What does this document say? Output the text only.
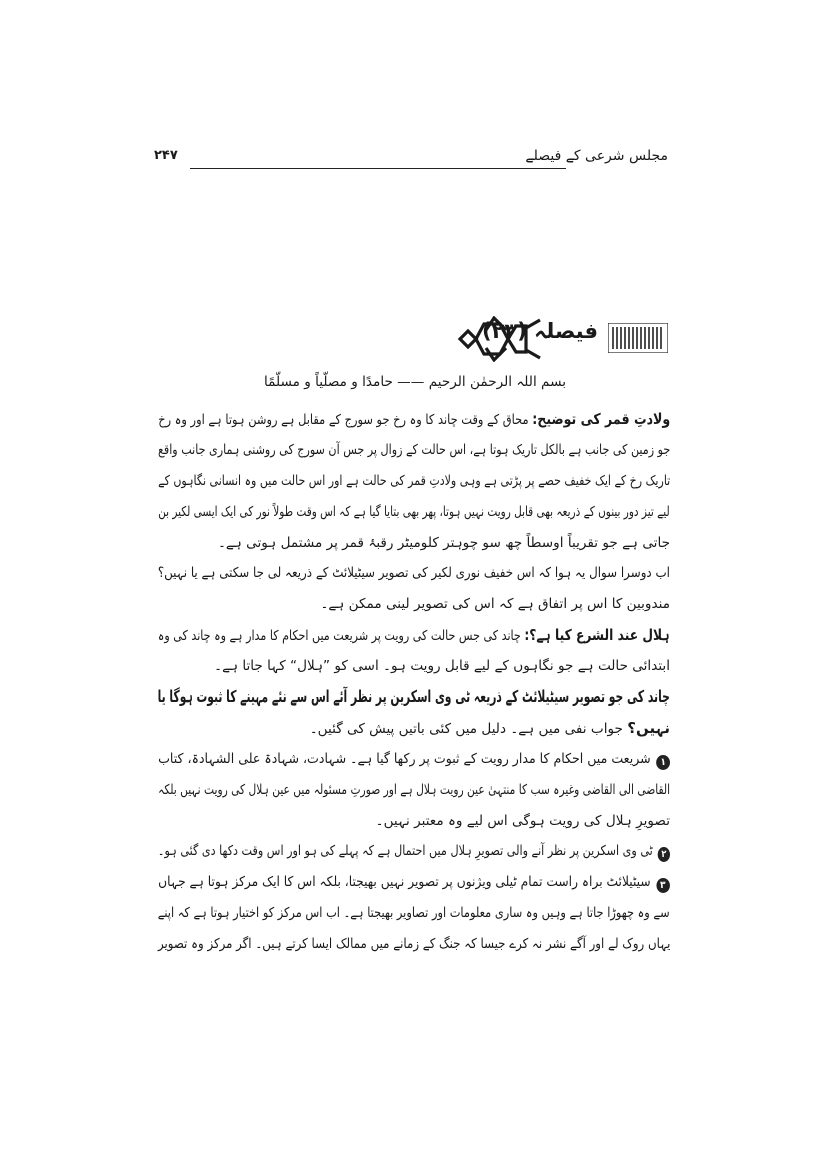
۲۴۷	مجلس شرعی کے فیصلے
فیصلہ (۲۳)
بسم اللہ الرحمٰن الرحیم —— حامدًا و مصلّیاً و مسلّمًا
ولادتِ قمر کی توضیح: محاق کے وقت چاند کا وہ رخ جو سورج کے مقابل ہے روشن ہوتا ہے اور وہ رخ
جو زمین کی جانب ہے بالکل تاریک ہوتا ہے، اس حالت کے زوال پر جس آن سورج کی روشنی ہماری جانب واقع
تاریک رخ کے ایک خفیف حصے پر پڑتی ہے وہی ولادتِ قمر کی حالت ہے اور اس حالت میں وہ انسانی نگاہوں کے
لیے تیز دور بینوں کے ذریعہ بھی قابل رویت نہیں ہوتا، پھر بھی بتایا گیا ہے کہ اس وقت طولاً نور کی ایک ایسی لکیر بن
جاتی ہے جو تقریباً اوسطاً چھ سو چوہتر کلومیٹر رقبۂ قمر پر مشتمل ہوتی ہے۔
اب دوسرا سوال یہ ہوا کہ اس خفیف نوری لکیر کی تصویر سیٹیلائٹ کے ذریعہ لی جا سکتی ہے یا نہیں؟
مندوبین کا اس پر اتفاق ہے کہ اس کی تصویر لینی ممکن ہے۔
ہلال عند الشرع کیا ہے؟: چاند کی جس حالت کی رویت پر شریعت میں احکام کا مدار ہے وہ چاند کی وہ
ابتدائی حالت ہے جو نگاہوں کے لیے قابل رویت ہو۔ اسی کو ”ہلال“ کہا جاتا ہے۔
چاند کی جو تصویر سیٹیلائٹ کے ذریعہ ٹی وی اسکرین پر نظر آئے اس سے نئے مہینے کا ثبوت ہوگا یا
نہیں؟ جواب نفی میں ہے۔ دلیل میں کئی باتیں پیش کی گئیں۔
۱شریعت میں احکام کا مدار رویت کے ثبوت پر رکھا گیا ہے۔ شہادت، شہادۃ علی الشہادۃ، کتاب
القاضی الی القاضی وغیرہ سب کا منتہیٰ عین رویت ہلال ہے اور صورتِ مسئولہ میں عین ہلال کی رویت نہیں بلکہ
تصویرِ ہلال کی رویت ہوگی اس لیے وہ معتبر نہیں۔
۲ٹی وی اسکرین پر نظر آنے والی تصویرِ ہلال میں احتمال ہے کہ پہلے کی ہو اور اس وقت دکھا دی گئی ہو۔
۳سیٹیلائٹ براہ راست تمام ٹیلی ویژنوں پر تصویر نہیں بھیجتا، بلکہ اس کا ایک مرکز ہوتا ہے جہاں
سے وہ چھوڑا جاتا ہے وہیں وہ ساری معلومات اور تصاویر بھیجتا ہے۔ اب اس مرکز کو اختیار ہوتا ہے کہ اپنے
یہاں روک لے اور آگے نشر نہ کرے جیسا کہ جنگ کے زمانے میں ممالک ایسا کرتے ہیں۔ اگر مرکز وہ تصویر
